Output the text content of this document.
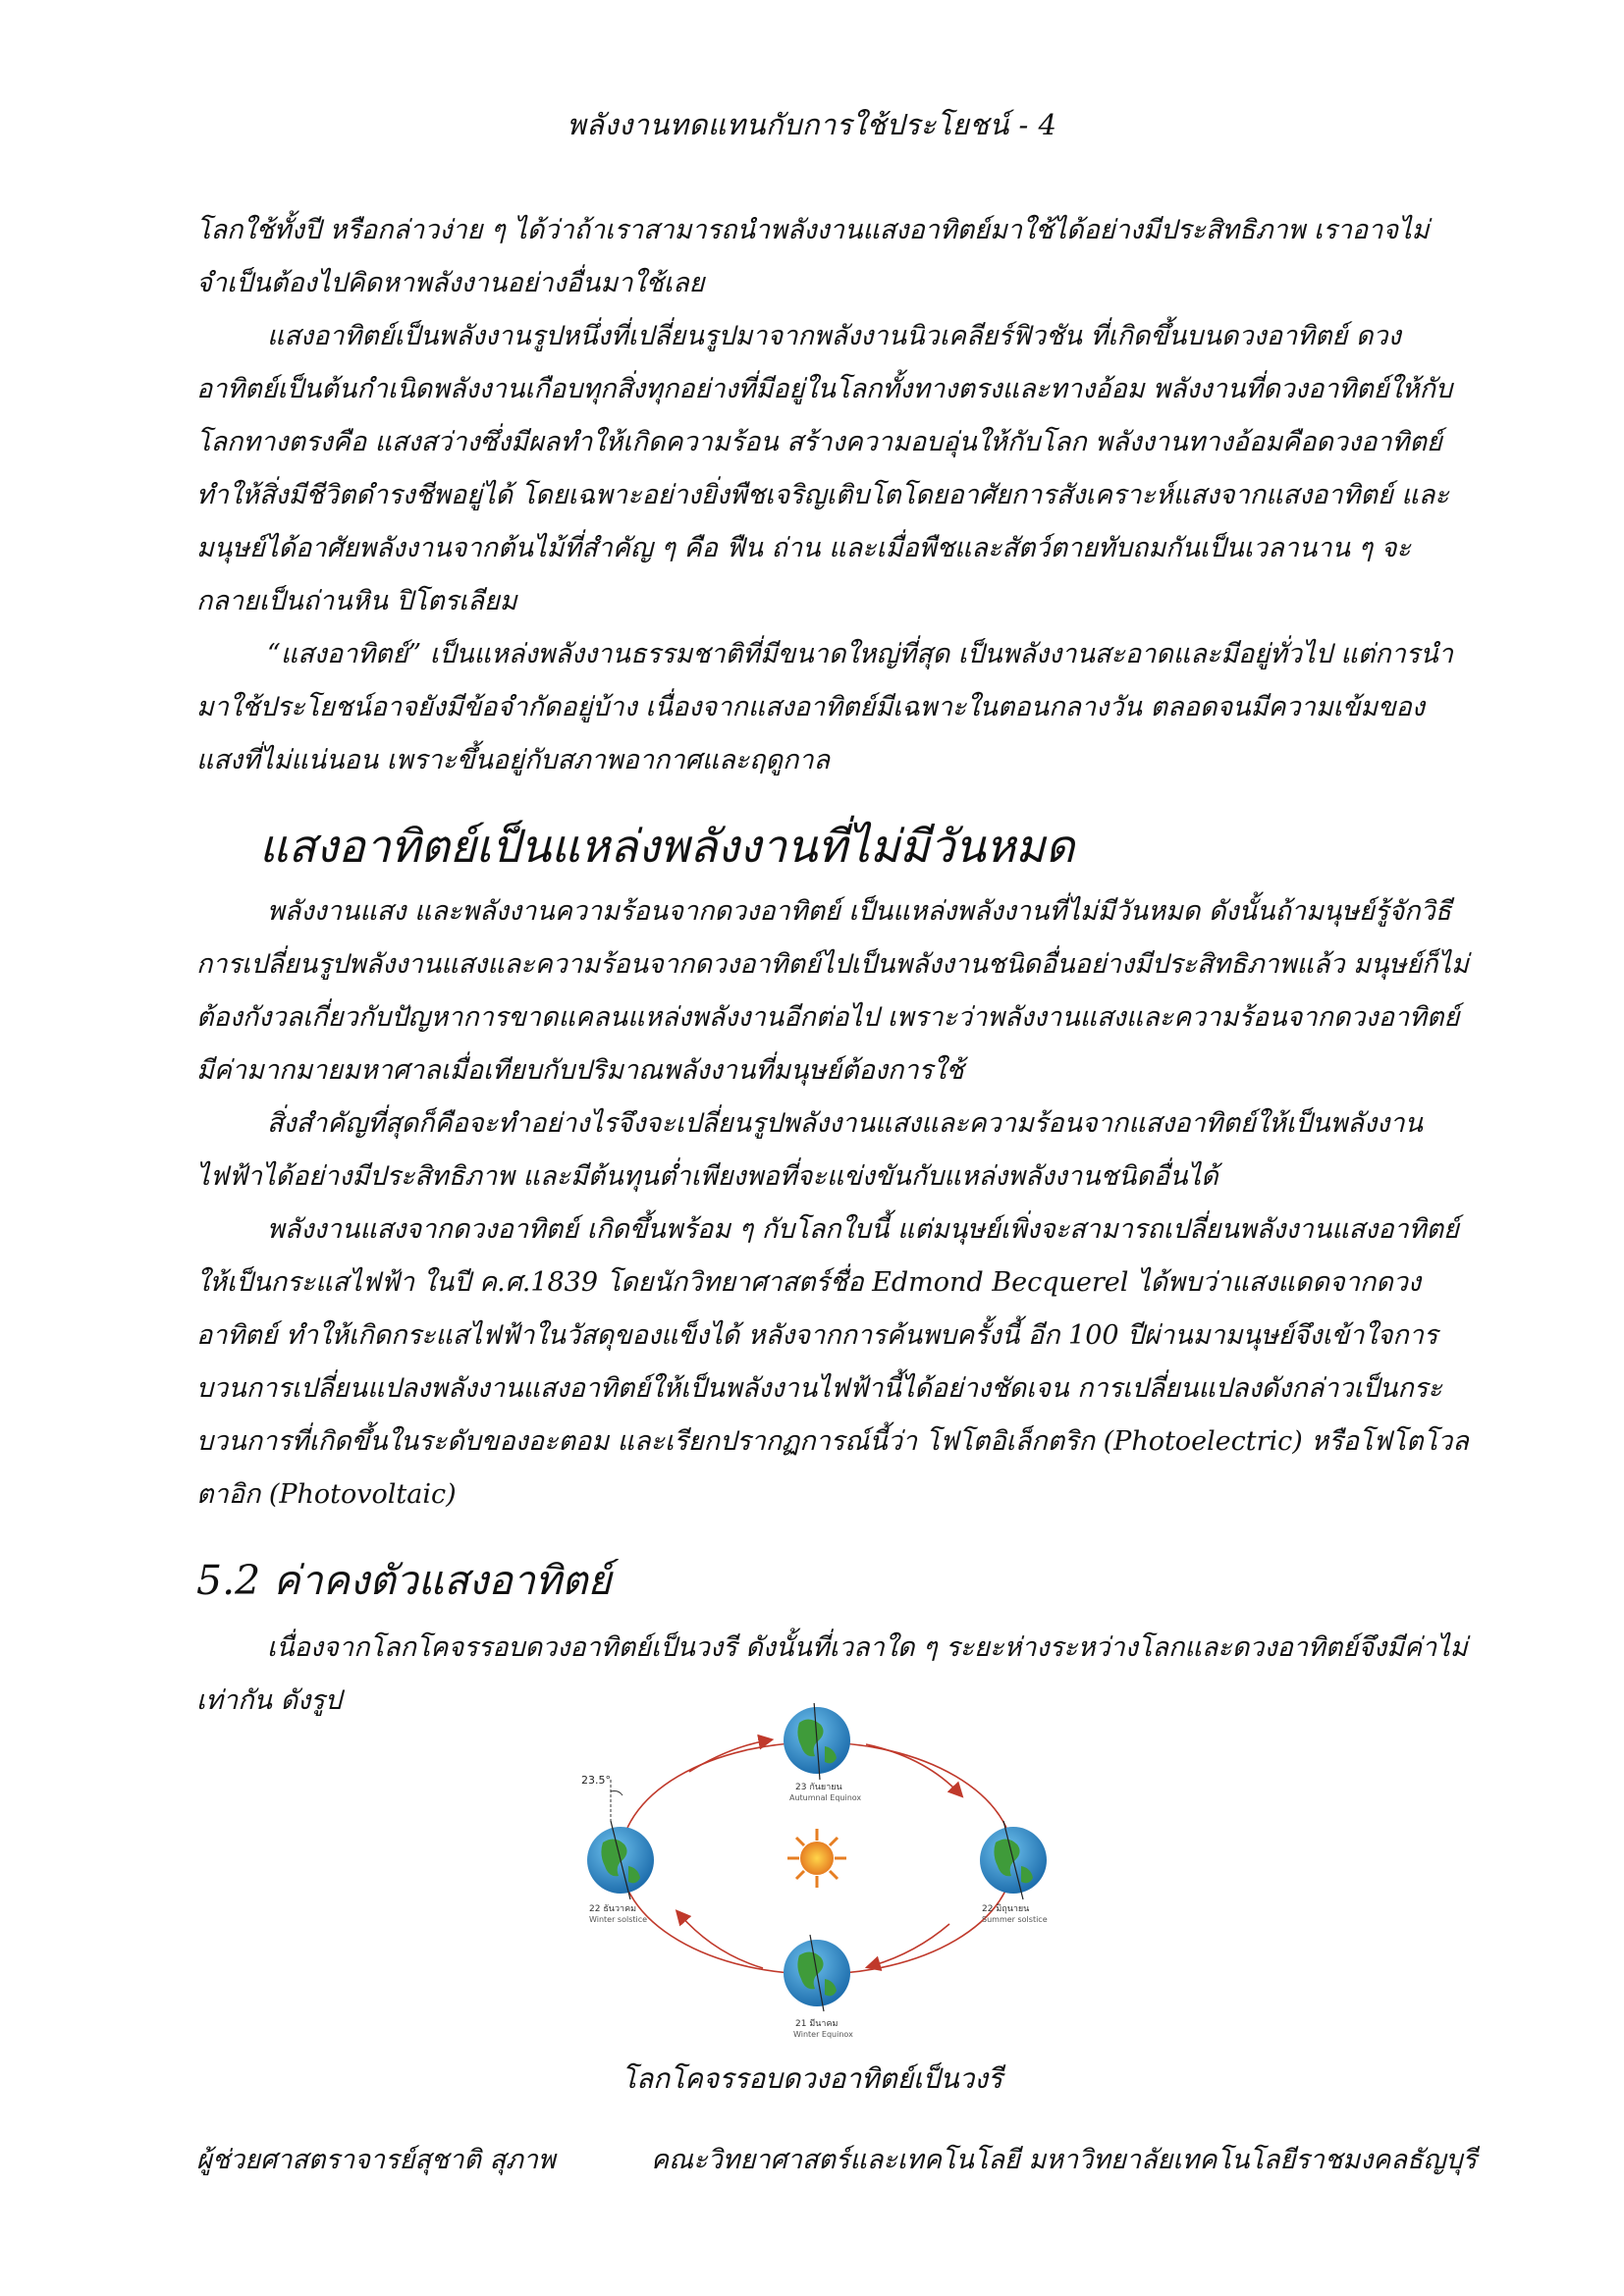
พลังงานทดแทนกับการใช้ประโยชน์ - 4

โลกใช้ทั้งปี หรือกล่าวง่าย ๆ ได้ว่าถ้าเราสามารถนำพลังงานแสงอาทิตย์มาใช้ได้อย่างมีประสิทธิภาพ เราอาจไม่จำเป็นต้องไปคิดหาพลังงานอย่างอื่นมาใช้เลย

แสงอาทิตย์เป็นพลังงานรูปหนึ่งที่เปลี่ยนรูปมาจากพลังงานนิวเคลียร์ฟิวชัน ที่เกิดขึ้นบนดวงอาทิตย์ ดวงอาทิตย์เป็นต้นกำเนิดพลังงานเกือบทุกสิ่งทุกอย่างที่มีอยู่ในโลกทั้งทางตรงและทางอ้อม พลังงานที่ดวงอาทิตย์ให้กับโลกทางตรงคือ แสงสว่างซึ่งมีผลทำให้เกิดความร้อน สร้างความอบอุ่นให้กับโลก พลังงานทางอ้อมคือดวงอาทิตย์ทำให้สิ่งมีชีวิตดำรงชีพอยู่ได้ โดยเฉพาะอย่างยิ่งพืชเจริญเติบโตโดยอาศัยการสังเคราะห์แสงจากแสงอาทิตย์ และมนุษย์ได้อาศัยพลังงานจากต้นไม้ที่สำคัญ ๆ คือ ฟืน ถ่าน และเมื่อพืชและสัตว์ตายทับถมกันเป็นเวลานาน ๆ จะกลายเป็นถ่านหิน ปิโตรเลียม

“แสงอาทิตย์” เป็นแหล่งพลังงานธรรมชาติที่มีขนาดใหญ่ที่สุด เป็นพลังงานสะอาดและมีอยู่ทั่วไป แต่การนำมาใช้ประโยชน์อาจยังมีข้อจำกัดอยู่บ้าง เนื่องจากแสงอาทิตย์มีเฉพาะในตอนกลางวัน ตลอดจนมีความเข้มของแสงที่ไม่แน่นอน เพราะขึ้นอยู่กับสภาพอากาศและฤดูกาล

แสงอาทิตย์เป็นแหล่งพลังงานที่ไม่มีวันหมด

พลังงานแสง และพลังงานความร้อนจากดวงอาทิตย์ เป็นแหล่งพลังงานที่ไม่มีวันหมด ดังนั้นถ้ามนุษย์รู้จักวิธีการเปลี่ยนรูปพลังงานแสงและความร้อนจากดวงอาทิตย์ไปเป็นพลังงานชนิดอื่นอย่างมีประสิทธิภาพแล้ว มนุษย์ก็ไม่ต้องกังวลเกี่ยวกับปัญหาการขาดแคลนแหล่งพลังงานอีกต่อไป เพราะว่าพลังงานแสงและความร้อนจากดวงอาทิตย์มีค่ามากมายมหาศาลเมื่อเทียบกับปริมาณพลังงานที่มนุษย์ต้องการใช้

สิ่งสำคัญที่สุดก็คือจะทำอย่างไรจึงจะเปลี่ยนรูปพลังงานแสงและความร้อนจากแสงอาทิตย์ให้เป็นพลังงานไฟฟ้าได้อย่างมีประสิทธิภาพ และมีต้นทุนต่ำเพียงพอที่จะแข่งขันกับแหล่งพลังงานชนิดอื่นได้

พลังงานแสงจากดวงอาทิตย์ เกิดขึ้นพร้อม ๆ กับโลกใบนี้ แต่มนุษย์เพิ่งจะสามารถเปลี่ยนพลังงานแสงอาทิตย์ให้เป็นกระแสไฟฟ้า ในปี ค.ศ.1839 โดยนักวิทยาศาสตร์ชื่อ Edmond Becquerel ได้พบว่าแสงแดดจากดวงอาทิตย์ ทำให้เกิดกระแสไฟฟ้าในวัสดุของแข็งได้ หลังจากการค้นพบครั้งนี้ อีก 100 ปีผ่านมามนุษย์จึงเข้าใจการบวนการเปลี่ยนแปลงพลังงานแสงอาทิตย์ให้เป็นพลังงานไฟฟ้านี้ได้อย่างชัดเจน การเปลี่ยนแปลงดังกล่าวเป็นกระบวนการที่เกิดขึ้นในระดับของอะตอม และเรียกปรากฏการณ์นี้ว่า โฟโตอิเล็กตริก (Photoelectric) หรือโฟโตโวลตาอิก (Photovoltaic)

5.2 ค่าคงตัวแสงอาทิตย์

เนื่องจากโลกโคจรรอบดวงอาทิตย์เป็นวงรี ดังนั้นที่เวลาใด ๆ ระยะห่างระหว่างโลกและดวงอาทิตย์จึงมีค่าไม่เท่ากัน ดังรูป

23.5°
23 กันยายน
Autumnal Equinox
22 ธันวาคม
Winter solstice
22 มิถุนายน
Summer solstice
21 มีนาคม
Winter Equinox
โลกโคจรรอบดวงอาทิตย์เป็นวงรี
ผู้ช่วยศาสตราจารย์สุชาติ สุภาพ	คณะวิทยาศาสตร์และเทคโนโลยี มหาวิทยาลัยเทคโนโลยีราชมงคลธัญบุรี
